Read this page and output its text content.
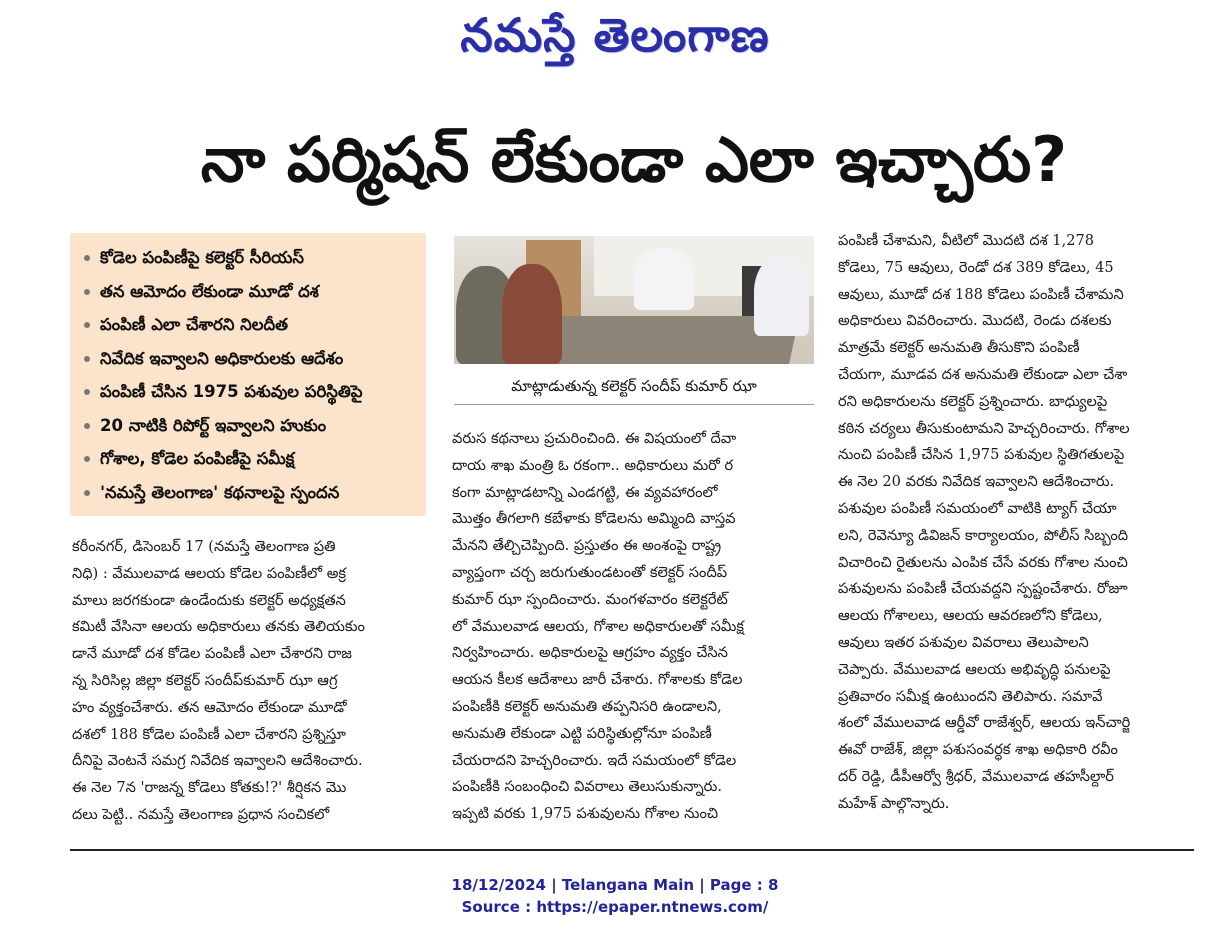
నమస్తే తెలంగాణ
నా పర్మిషన్ లేకుండా ఎలా ఇచ్చారు?
కోడెల పంపిణీపై కలెక్టర్ సీరియస్
తన ఆమోదం లేకుండా మూడో దశ
పంపిణీ ఎలా చేశారని నిలదీత
నివేదిక ఇవ్వాలని అధికారులకు ఆదేశం
పంపిణీ చేసిన 1975 పశువుల పరిస్థితిపై
20 నాటికి రిపోర్ట్ ఇవ్వాలని హుకుం
గోశాల, కోడెల పంపిణీపై సమీక్ష
'నమస్తే తెలంగాణ' కథనాలపై స్పందన
కరీంనగర్, డిసెంబర్ 17 (నమస్తే తెలంగాణ ప్రతి
నిధి) : వేములవాడ ఆలయ కోడెల పంపిణీలో అక్ర
మాలు జరగకుండా ఉండేందుకు కలెక్టర్ అధ్యక్షతన
కమిటీ వేసినా ఆలయ అధికారులు తనకు తెలియకుం
డానే మూడో దశ కోడెల పంపిణీ ఎలా చేశారని రాజ
న్న సిరిసిల్ల జిల్లా కలెక్టర్ సందీప్‌కుమార్ ఝా ఆగ్ర
హం వ్యక్తంచేశారు. తన ఆమోదం లేకుండా మూడో
దశలో 188 కోడెల పంపిణీ ఎలా చేశారని ప్రశ్నిస్తూ
దీనిపై వెంటనే సమగ్ర నివేదిక ఇవ్వాలని ఆదేశించారు.
ఈ నెల 7న 'రాజన్న కోడెలు కోతకు!?' శీర్షికన మొ
దలు పెట్టి.. నమస్తే తెలంగాణ ప్రధాన సంచికలో
మాట్లాడుతున్న కలెక్టర్ సందీప్ కుమార్ ఝా
వరుస కథనాలు ప్రచురించింది. ఈ విషయంలో దేవా
దాయ శాఖ మంత్రి ఓ రకంగా.. అధికారులు మరో ర
కంగా మాట్లాడటాన్ని ఎండగట్టి, ఈ వ్యవహారంలో
మొత్తం తీగలాగి కబేళాకు కోడెలను అమ్మింది వాస్తవ
మేనని తేల్చిచెప్పింది. ప్రస్తుతం ఈ అంశంపై రాష్ట్ర
వ్యాప్తంగా చర్చ జరుగుతుండటంతో కలెక్టర్ సందీప్
కుమార్ ఝా స్పందించారు. మంగళవారం కలెక్టరేట్
లో వేములవాడ ఆలయ, గోశాల అధికారులతో సమీక్ష
నిర్వహించారు. అధికారులపై ఆగ్రహం వ్యక్తం చేసిన
ఆయన కీలక ఆదేశాలు జారీ చేశారు. గోశాలకు కోడెల
పంపిణీకి కలెక్టర్ అనుమతి తప్పనిసరి ఉండాలని,
అనుమతి లేకుండా ఎట్టి పరిస్థితుల్లోనూ పంపిణీ
చేయరాదని హెచ్చరించారు. ఇదే సమయంలో కోడెల
పంపిణీకి సంబంధించి వివరాలు తెలుసుకున్నారు.
ఇప్పటి వరకు 1,975 పశువులను గోశాల నుంచి
పంపిణీ చేశామని, వీటిలో మొదటి దశ 1,278
కోడెలు, 75 ఆవులు, రెండో దశ 389 కోడెలు, 45
ఆవులు, మూడో దశ 188 కోడెలు పంపిణీ చేశామని
అధికారులు వివరించారు. మొదటి, రెండు దశలకు
మాత్రమే కలెక్టర్ అనుమతి తీసుకొని పంపిణీ
చేయగా, మూడవ దశ అనుమతి లేకుండా ఎలా చేశా
రని అధికారులను కలెక్టర్ ప్రశ్నించారు. బాధ్యులపై
కఠిన చర్యలు తీసుకుంటామని హెచ్చరించారు. గోశాల
నుంచి పంపిణీ చేసిన 1,975 పశువుల స్థితిగతులపై
ఈ నెల 20 వరకు నివేదిక ఇవ్వాలని ఆదేశించారు.
పశువుల పంపిణీ సమయంలో వాటికి ట్యాగ్ చేయా
లని, రెవెన్యూ డివిజన్ కార్యాలయం, పోలీస్ సిబ్బంది
విచారించి రైతులను ఎంపిక చేసే వరకు గోశాల నుంచి
పశువులను పంపిణీ చేయవద్దని స్పష్టంచేశారు. రోజూ
ఆలయ గోశాలలు, ఆలయ ఆవరణలోని కోడెలు,
ఆవులు ఇతర పశువుల వివరాలు తెలుపాలని
చెప్పారు. వేములవాడ ఆలయ అభివృద్ధి పనులపై
ప్రతివారం సమీక్ష ఉంటుందని తెలిపారు. సమావే
శంలో వేములవాడ ఆర్డీవో రాజేశ్వర్, ఆలయ ఇన్‌చార్జి
ఈవో రాజేశ్, జిల్లా పశుసంవర్ధక శాఖ అధికారి రవీం
దర్ రెడ్డి, డీపీఆర్వో శ్రీధర్, వేములవాడ తహసీల్దార్
మహేశ్ పాల్గొన్నారు.
18/12/2024 | Telangana Main | Page : 8
Source : https://epaper.ntnews.com/
